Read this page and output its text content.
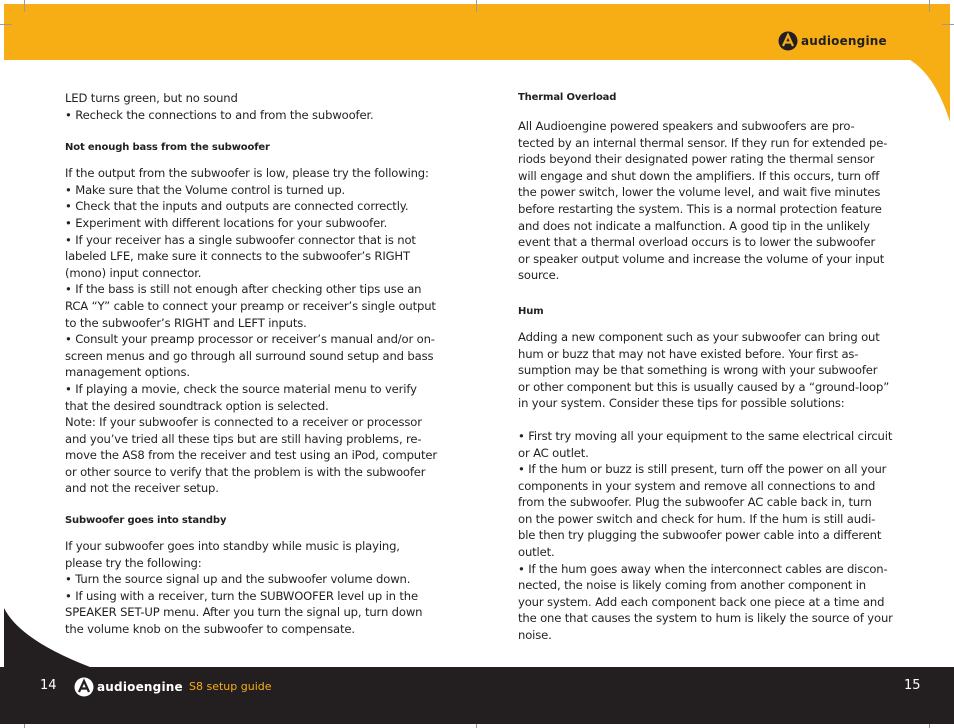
audioengine

LED turns green, but no sound

• Recheck the connections to and from the subwoofer.

Not enough bass from the subwoofer

If the output from the subwoofer is low, please try the following:

• Make sure that the Volume control is turned up.

• Check that the inputs and outputs are connected correctly.

• Experiment with different locations for your subwoofer.

• If your receiver has a single subwoofer connector that is not

labeled LFE, make sure it connects to the subwoofer’s RIGHT

(mono) input connector.

• If the bass is still not enough after checking other tips use an

RCA “Y” cable to connect your preamp or receiver’s single output

to the subwoofer’s RIGHT and LEFT inputs.

• Consult your preamp processor or receiver’s manual and/or on-

screen menus and go through all surround sound setup and bass

management options.

• If playing a movie, check the source material menu to verify

that the desired soundtrack option is selected.

Note: If your subwoofer is connected to a receiver or processor

and you’ve tried all these tips but are still having problems, re-

move the AS8 from the receiver and test using an iPod, computer

or other source to verify that the problem is with the subwoofer

and not the receiver setup.

Subwoofer goes into standby

If your subwoofer goes into standby while music is playing,

please try the following:

• Turn the source signal up and the subwoofer volume down.

• If using with a receiver, turn the SUBWOOFER level up in the

SPEAKER SET-UP menu. After you turn the signal up, turn down

the volume knob on the subwoofer to compensate.

Thermal Overload

All Audioengine powered speakers and subwoofers are pro-

tected by an internal thermal sensor. If they run for extended pe-

riods beyond their designated power rating the thermal sensor

will engage and shut down the amplifiers. If this occurs, turn off

the power switch, lower the volume level, and wait five minutes

before restarting the system. This is a normal protection feature

and does not indicate a malfunction. A good tip in the unlikely

event that a thermal overload occurs is to lower the subwoofer

or speaker output volume and increase the volume of your input

source.

Hum

Adding a new component such as your subwoofer can bring out

hum or buzz that may not have existed before. Your first as-

sumption may be that something is wrong with your subwoofer

or other component but this is usually caused by a “ground-loop”

in your system. Consider these tips for possible solutions:

• First try moving all your equipment to the same electrical circuit

or AC outlet.

• If the hum or buzz is still present, turn off the power on all your

components in your system and remove all connections to and

from the subwoofer. Plug the subwoofer AC cable back in, turn

on the power switch and check for hum. If the hum is still audi-

ble then try plugging the subwoofer power cable into a different

outlet.

• If the hum goes away when the interconnect cables are discon-

nected, the noise is likely coming from another component in

your system. Add each component back one piece at a time and

the one that causes the system to hum is likely the source of your

noise.

14	audioengine S8 setup guide	15
